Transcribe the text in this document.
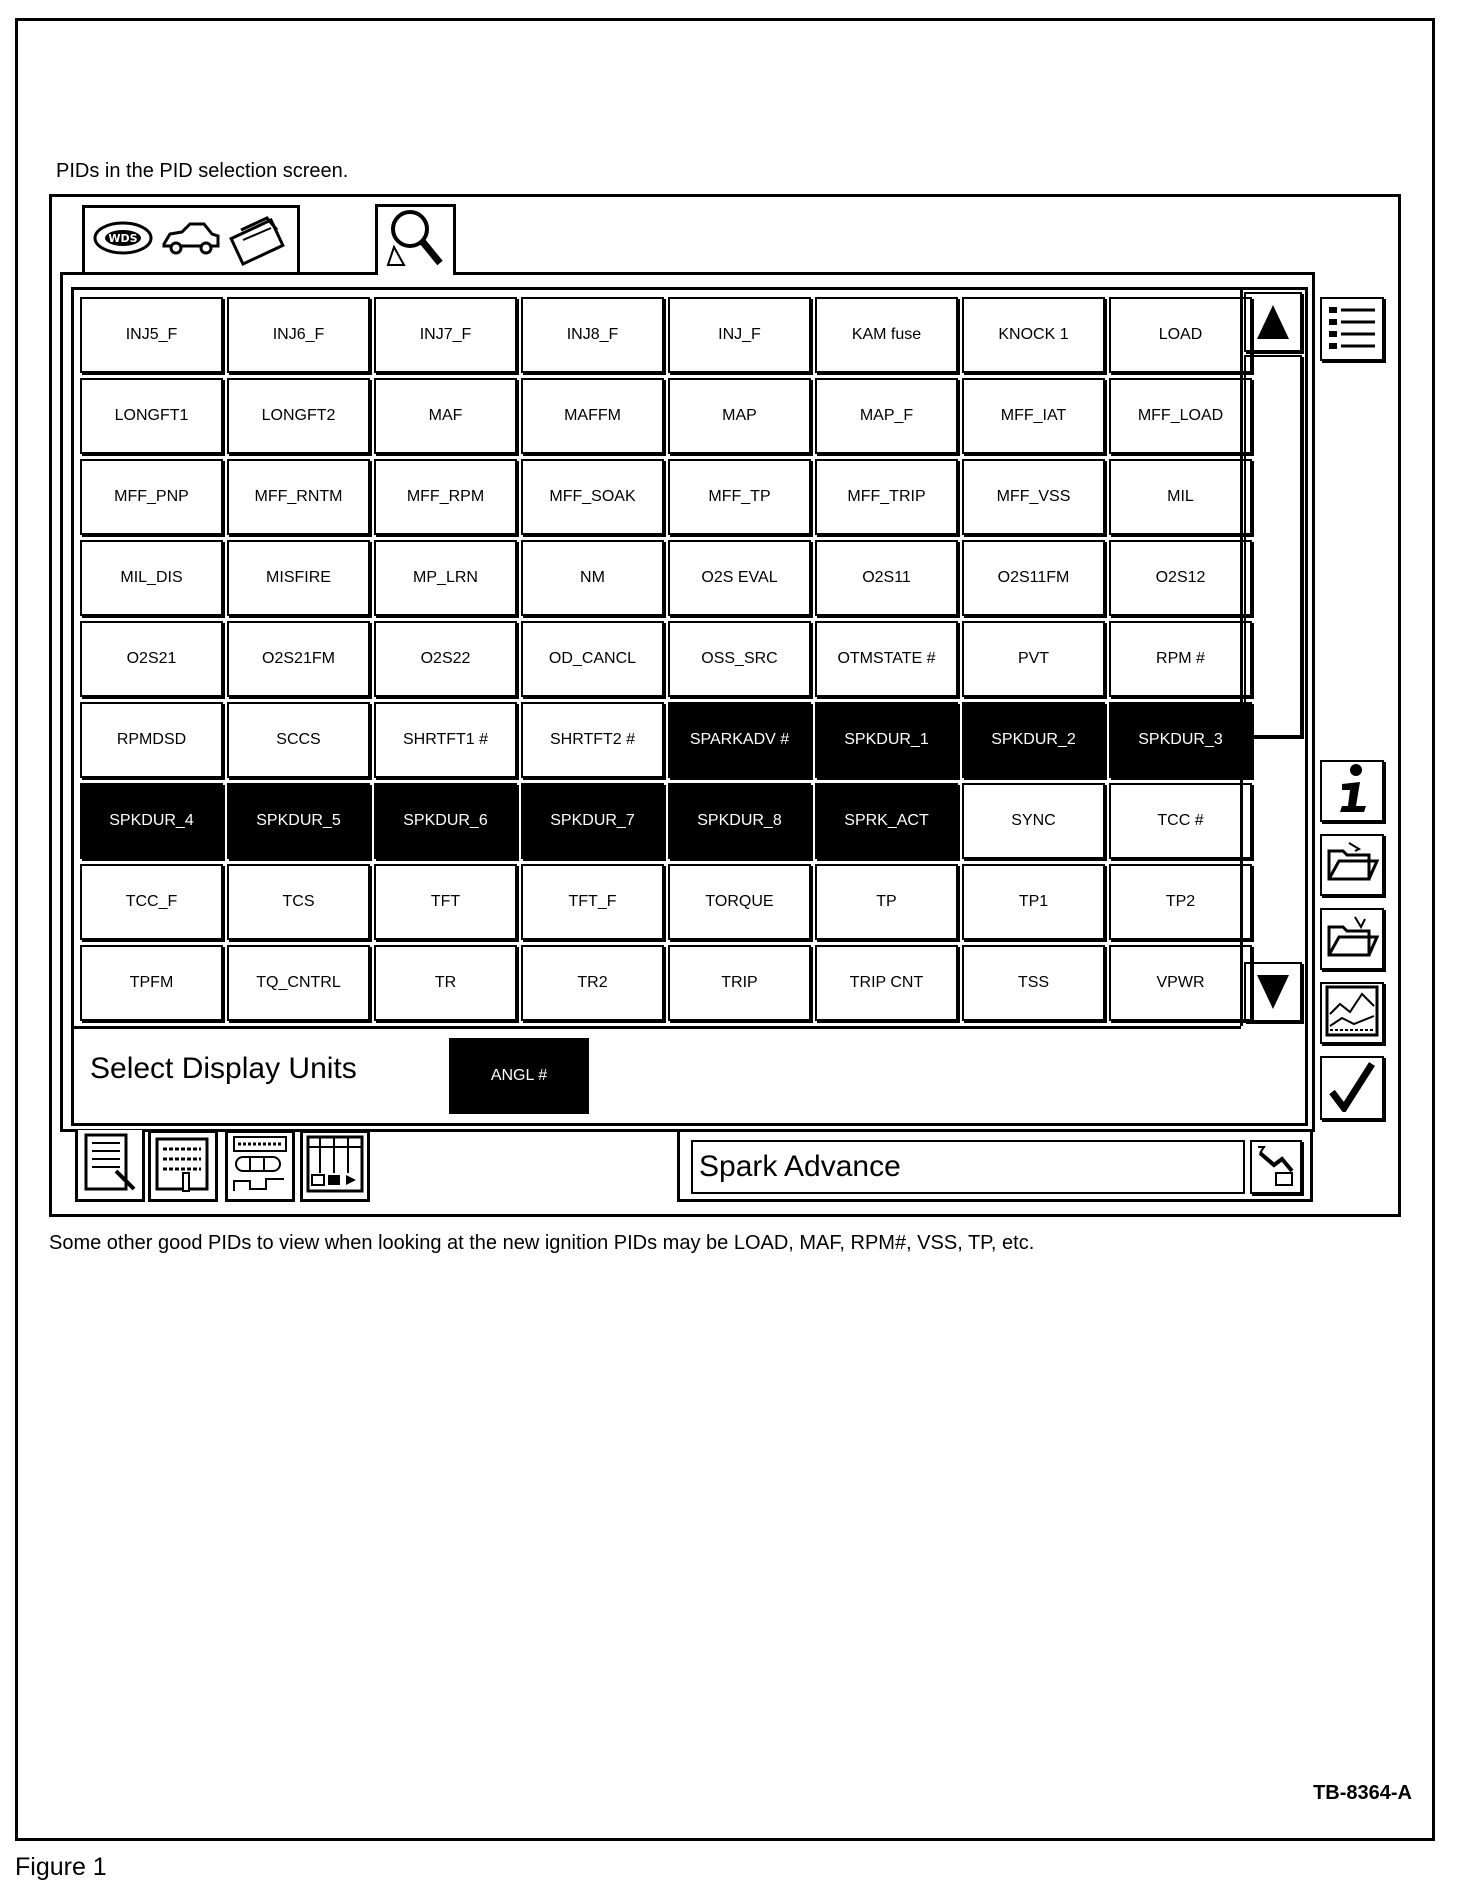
PIDs in the PID selection screen.
WDS
INJ5_F	INJ6_F	INJ7_F	INJ8_F	INJ_F	KAM fuse	KNOCK 1	LOAD
LONGFT1	LONGFT2	MAF	MAFFM	MAP	MAP_F	MFF_IAT	MFF_LOAD
MFF_PNP	MFF_RNTM	MFF_RPM	MFF_SOAK	MFF_TP	MFF_TRIP	MFF_VSS	MIL
MIL_DIS	MISFIRE	MP_LRN	NM	O2S EVAL	O2S11	O2S11FM	O2S12
O2S21	O2S21FM	O2S22	OD_CANCL	OSS_SRC	OTMSTATE #	PVT	RPM #
RPMDSD	SCCS	SHRTFT1 #	SHRTFT2 #	SPARKADV #	SPKDUR_1	SPKDUR_2	SPKDUR_3
SPKDUR_4	SPKDUR_5	SPKDUR_6	SPKDUR_7	SPKDUR_8	SPRK_ACT	SYNC	TCC #
TCC_F	TCS	TFT	TFT_F	TORQUE	TP	TP1	TP2
TPFM	TQ_CNTRL	TR	TR2	TRIP	TRIP CNT	TSS	VPWR
Select Display Units	ANGL #
Spark Advance
Some other good PIDs to view when looking at the new ignition PIDs may be LOAD, MAF, RPM#, VSS, TP, etc.
TB-8364-A
Figure 1
